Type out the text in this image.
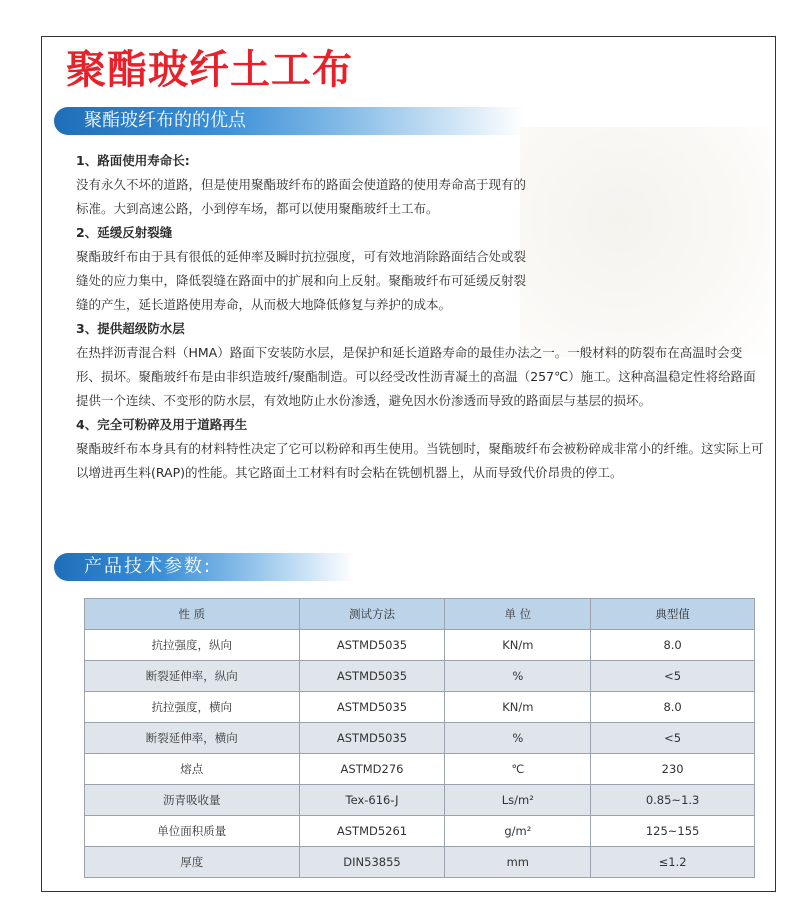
聚酯玻纤土工布
聚酯玻纤布的的优点
1、路面使用寿命长:

没有永久不坏的道路，但是使用聚酯玻纤布的路面会使道路的使用寿命高于现有的标准。大到高速公路，小到停车场，都可以使用聚酯玻纤土工布。

2、延缓反射裂缝

聚酯玻纤布由于具有很低的延伸率及瞬时抗拉强度，可有效地消除路面结合处或裂缝处的应力集中，降低裂缝在路面中的扩展和向上反射。聚酯玻纤布可延缓反射裂缝的产生，延长道路使用寿命，从而极大地降低修复与养护的成本。

3、提供超级防水层

在热拌沥青混合料（HMA）路面下安装防水层，是保护和延长道路寿命的最佳办法之一。一般材料的防裂布在高温时会变形、损坏。聚酯玻纤布是由非织造玻纤/聚酯制造。可以经受改性沥青凝土的高温（257℃）施工。这种高温稳定性将给路面提供一个连续、不变形的防水层，有效地防止水份渗透，避免因水份渗透而导致的路面层与基层的损坏。

4、完全可粉碎及用于道路再生

聚酯玻纤布本身具有的材料特性决定了它可以粉碎和再生使用。当铣刨时，聚酯玻纤布会被粉碎成非常小的纤维。这实际上可以增进再生料(RAP)的性能。其它路面土工材料有时会粘在铣刨机器上，从而导致代价昂贵的停工。

产品技术参数:
性 质	测试方法	单 位	典型值
抗拉强度，纵向	ASTMD5035	KN/m	8.0
断裂延伸率，纵向	ASTMD5035	%	<5
抗拉强度，横向	ASTMD5035	KN/m	8.0
断裂延伸率，横向	ASTMD5035	%	<5
熔点	ASTMD276	℃	230
沥青吸收量	Tex-616-J	Ls/m²	0.85~1.3
单位面积质量	ASTMD5261	g/m²	125~155
厚度	DIN53855	mm	≤1.2
